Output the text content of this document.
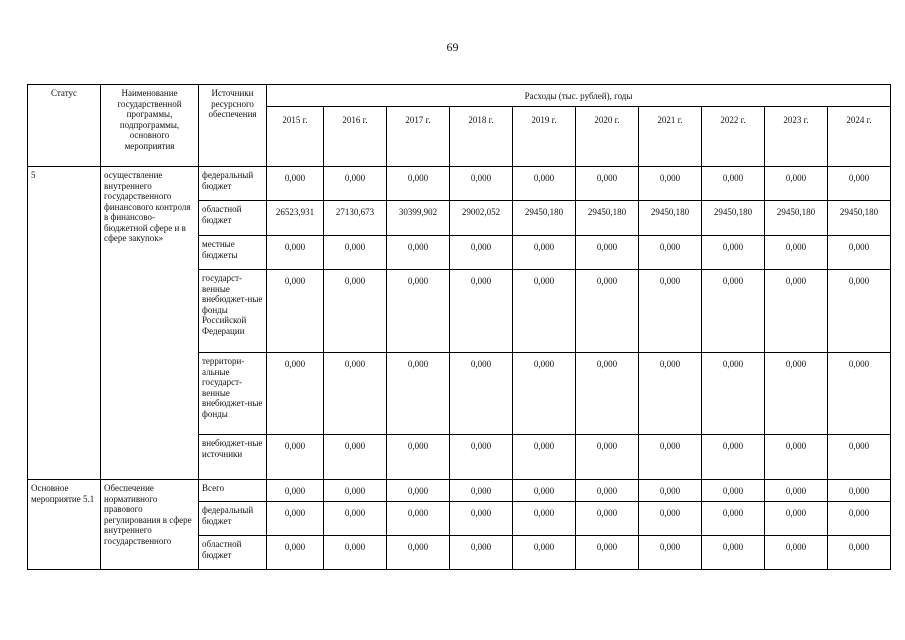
69
Статус	Наименование государственной программы, подпрограммы, основного мероприятия	Источники ресурсного обеспечения	Расходы (тыс. рублей), годы									
			2015 г.	2016 г.	2017 г.	2018 г.	2019 г.	2020 г.	2021 г.	2022 г.	2023 г.	2024 г.
5	осуществление внутреннего государственного финансового контроля в финансово-бюджетной сфере и в сфере закупок»	федеральный бюджет	0,000	0,000	0,000	0,000	0,000	0,000	0,000	0,000	0,000	0,000
		областной бюджет	26523,931	27130,673	30399,902	29002,052	29450,180	29450,180	29450,180	29450,180	29450,180	29450,180
		местные бюджеты	0,000	0,000	0,000	0,000	0,000	0,000	0,000	0,000	0,000	0,000
		государст-венные внебюджет-ные фонды Российской Федерации	0,000	0,000	0,000	0,000	0,000	0,000	0,000	0,000	0,000	0,000
		территори-альные государст-венные внебюджет-ные фонды	0,000	0,000	0,000	0,000	0,000	0,000	0,000	0,000	0,000	0,000
		внебюджет-ные источники	0,000	0,000	0,000	0,000	0,000	0,000	0,000	0,000	0,000	0,000
Основное мероприятие 5.1	Обеспечение нормативного правового регулирования в сфере внутреннего государственного	Всего	0,000	0,000	0,000	0,000	0,000	0,000	0,000	0,000	0,000	0,000
		федеральный бюджет	0,000	0,000	0,000	0,000	0,000	0,000	0,000	0,000	0,000	0,000
		областной бюджет	0,000	0,000	0,000	0,000	0,000	0,000	0,000	0,000	0,000	0,000
